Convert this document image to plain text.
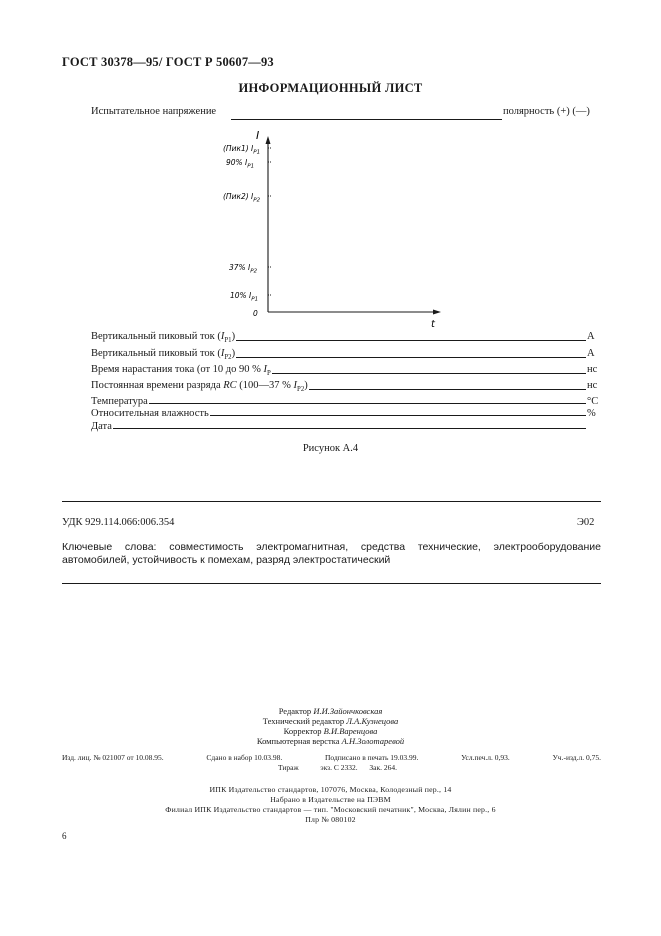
ГОСТ 30378—95/ ГОСТ Р 50607—93
ИНФОРМАЦИОННЫЙ ЛИСТ
Испытательное напряжение	полярность (+) (—)
I
t
0
(Пик1) $I_{P1}$
90% $I_{P1}$
(Пик2) $I_{P2}$
37% $I_{P2}$
10% $I_{P1}$
Вертикальный пиковый ток $(I_{P1})$	А
Вертикальный пиковый ток $(I_{P2})$	А
Время нарастания тока (от 10 до 90 % $I_P$	нс
Постоянная времени разряда RC (100—37 % $I_{P2}$)	нс
Температура	°С
Относительная влажность	%
Дата
Рисунок А.4
УДК 929.114.066:006.354	Э02
Ключевые слова: совместимость электромагнитная, средства технические, электрооборудование автомобилей, устойчивость к помехам, разряд электростатический
Редактор И.И.Зайончковская
Технический редактор Л.А.Кузнецова
Корректор В.И.Варенцова
Компьютерная верстка А.Н.Золотаревой
Изд. лиц. № 021007 от 10.08.95.	Сдано в набор 10.03.98.	Подписано в печать 19.03.99.	Усл.печ.л. 0,93.	Уч.-изд.л. 0,75.
Тираж	экз. С 2332. Зак. 264.
ИПК Издательство стандартов, 107076, Москва, Колодезный пер., 14
Набрано в Издательстве на ПЭВМ
Филиал ИПК Издательство стандартов — тип. "Московский печатник", Москва, Лялин пер., 6
Плр № 080102
6
